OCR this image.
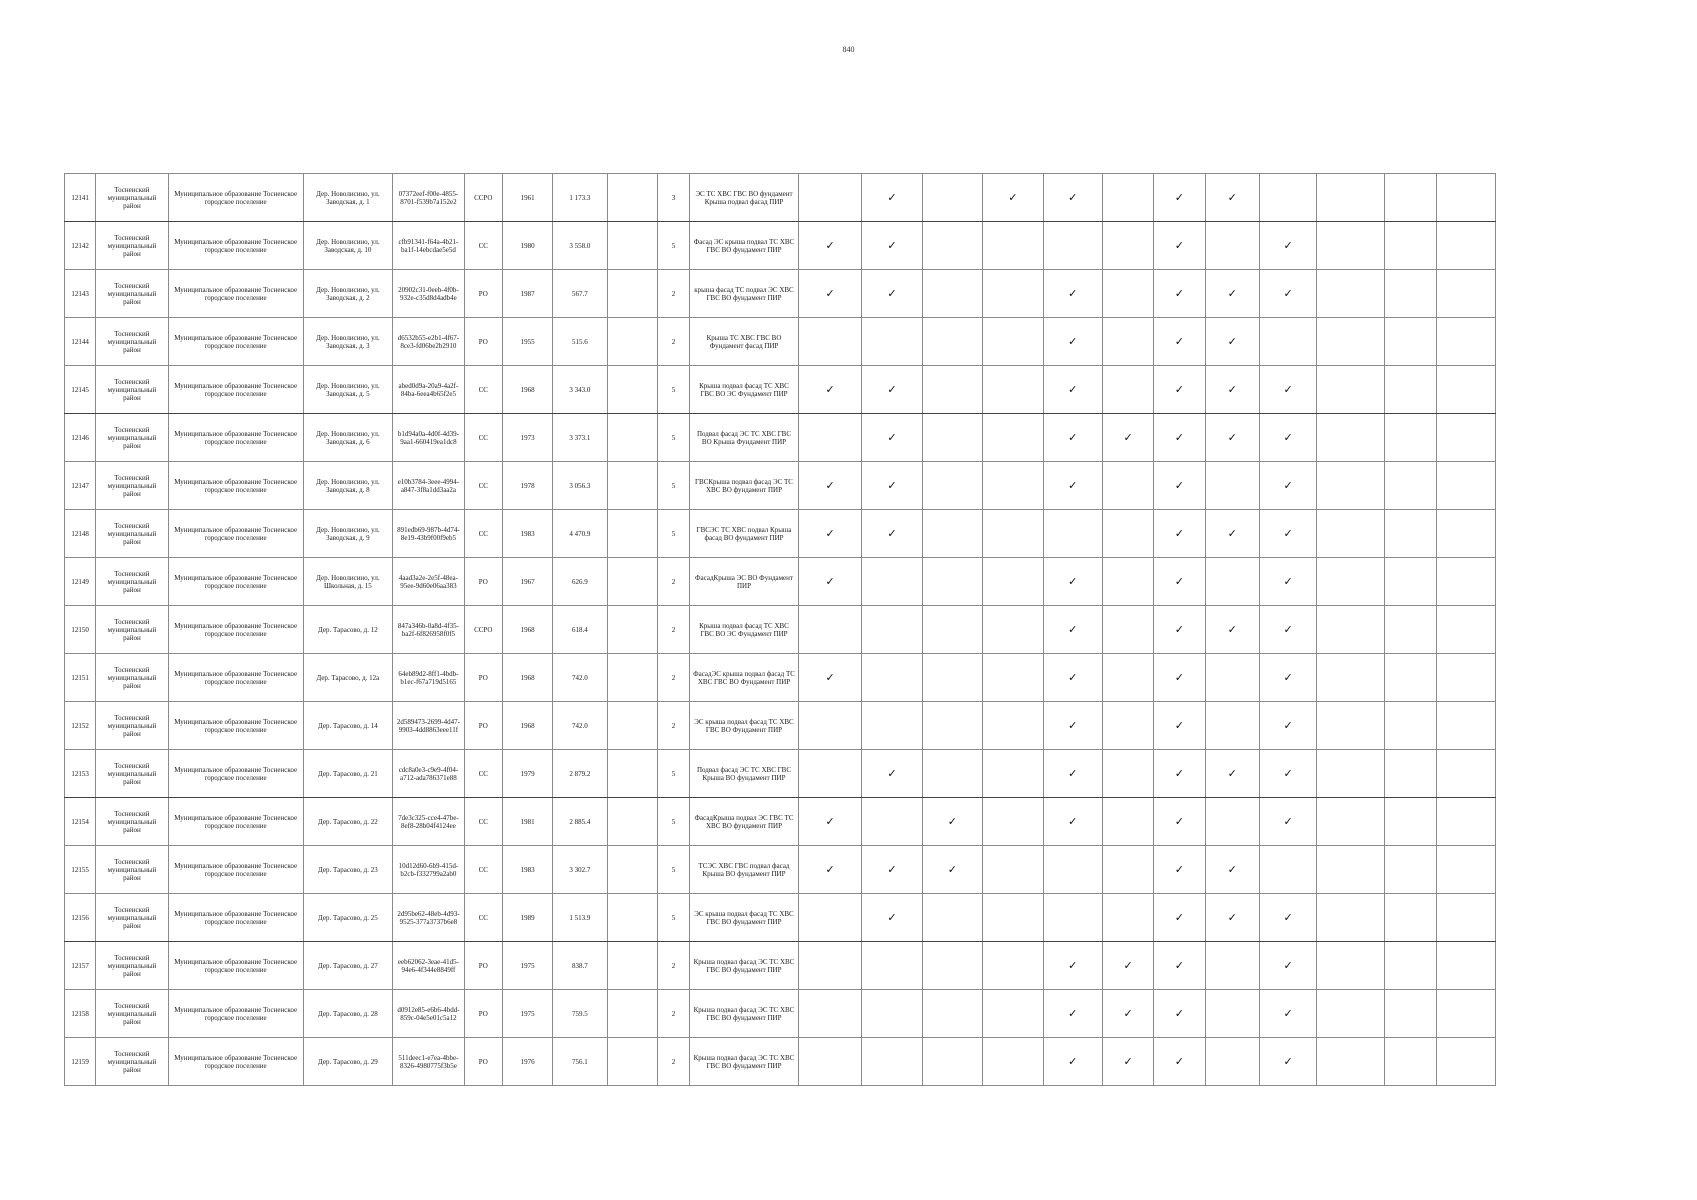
840
12141	Тосненский муниципальный район	Муниципальное образование Тосненское городское поселение	Дер. Новолисино, ул. Заводская, д. 1	07372eef-f00e-4855-8701-f539b7a152e2	ССРО	1961	1 173.3		3	ЭС ТС ХВС ГВС ВО фундамент Крыша подвал фасад ПИР		✓		✓	✓		✓	✓				
12142	Тосненский муниципальный район	Муниципальное образование Тосненское городское поселение	Дер. Новолисино, ул. Заводская, д. 10	cfb91341-f64a-4b21-ba1f-14ebcdae5e5d	СС	1980	3 558.0		5	Фасад ЭС крыша подвал ТС ХВС ГВС ВО фундамент ПИР	✓	✓					✓		✓			
12143	Тосненский муниципальный район	Муниципальное образование Тосненское городское поселение	Дер. Новолисино, ул. Заводская, д. 2	20902c31-0eeb-4f0b-932e-c35d8d4adb4e	РО	1987	567.7		2	крыша фасад ТС подвал ЭС ХВС ГВС ВО фундамент ПИР	✓	✓			✓		✓	✓	✓			
12144	Тосненский муниципальный район	Муниципальное образование Тосненское городское поселение	Дер. Новолисино, ул. Заводская, д. 3	d6532b55-e2b1-4f67-8ce3-fd06be2b2910	РО	1955	515.6		2	Крыша ТС ХВС ГВС ВО Фундамент фасад ПИР					✓		✓	✓				
12145	Тосненский муниципальный район	Муниципальное образование Тосненское городское поселение	Дер. Новолисино, ул. Заводская, д. 5	abed0d9a-20a9-4a2f-84ba-6eea4b65f2e5	СС	1968	3 343.0		5	Крыша подвал фасад ТС ХВС ГВС ВО ЭС Фундамент ПИР	✓	✓			✓		✓	✓	✓			
12146	Тосненский муниципальный район	Муниципальное образование Тосненское городское поселение	Дер. Новолисино, ул. Заводская, д. 6	b1d94a0a-4d0f-4d39-9aa1-660419ea1dc8	СС	1973	3 373.1		5	Подвал фасад ЭС ТС ХВС ГВС ВО Крыша Фундамент ПИР		✓			✓	✓	✓	✓	✓			
12147	Тосненский муниципальный район	Муниципальное образование Тосненское городское поселение	Дер. Новолисино, ул. Заводская, д. 8	e10b3784-3eee-4994-a847-3f8a1dd3aa2a	СС	1978	3 056.3		5	ГВСКрыша подвал фасад ЭС ТС ХВС ВО фундамент ПИР	✓	✓			✓		✓		✓			
12148	Тосненский муниципальный район	Муниципальное образование Тосненское городское поселение	Дер. Новолисино, ул. Заводская, д. 9	891edb69-987b-4d74-8e19-43b9f00f9eb5	СС	1983	4 470.9		5	ГВСЭС ТС ХВС подвал Крыша фасад ВО фундамент ПИР	✓	✓					✓	✓	✓			
12149	Тосненский муниципальный район	Муниципальное образование Тосненское городское поселение	Дер. Новолисино, ул. Школьная, д. 15	4aad3a2e-2e5f-48ea-95ee-9d60e06aa383	РО	1967	626.9		2	ФасадКрыша ЭС ВО Фундамент ПИР	✓				✓		✓		✓			
12150	Тосненский муниципальный район	Муниципальное образование Тосненское городское поселение	Дер. Тарасово, д. 12	847a346b-0a8d-4f35-ba2f-6f826958f0f5	ССРО	1968	618.4		2	Крыша подвал фасад ТС ХВС ГВС ВО ЭС Фундамент ПИР					✓		✓	✓	✓			
12151	Тосненский муниципальный район	Муниципальное образование Тосненское городское поселение	Дер. Тарасово, д. 12а	64eb89d2-8ff1-4bdb-b1ec-f67a719d5165	РО	1968	742.0		2	ФасадЭС крыша подвал фасад ТС ХВС ГВС ВО Фундамент ПИР	✓				✓		✓		✓			
12152	Тосненский муниципальный район	Муниципальное образование Тосненское городское поселение	Дер. Тарасово, д. 14	2d589473-2699-4d47-9903-4dd8863eee11f	РО	1968	742.0		2	ЭС крыша подвал фасад ТС ХВС ГВС ВО Фундамент ПИР					✓		✓		✓			
12153	Тосненский муниципальный район	Муниципальное образование Тосненское городское поселение	Дер. Тарасово, д. 21	cdc8a0e3-c9e9-4f04-a712-ada786371e88	СС	1979	2 879.2		5	Подвал фасад ЭС ТС ХВС ГВС Крыша ВО фундамент ПИР		✓			✓		✓	✓	✓			
12154	Тосненский муниципальный район	Муниципальное образование Тосненское городское поселение	Дер. Тарасово, д. 22	7de3c325-cce4-47be-8ef8-28b04f4124ee	СС	1981	2 885.4		5	ФасадКрыша подвал ЭС ГВС ТС ХВС ВО фундамент ПИР	✓		✓		✓		✓		✓			
12155	Тосненский муниципальный район	Муниципальное образование Тосненское городское поселение	Дер. Тарасово, д. 23	10d12d60-6b9-415d-b2cb-f332799a2ab0	СС	1983	3 302.7		5	ТСЭС ХВС ГВС подвал фасад Крыша ВО фундамент ПИР	✓	✓	✓				✓	✓				
12156	Тосненский муниципальный район	Муниципальное образование Тосненское городское поселение	Дер. Тарасово, д. 25	2d95be62-48eb-4d93-9525-377a3737b6e8	СС	1989	1 513.9		5	ЭС крыша подвал фасад ТС ХВС ГВС ВО фундамент ПИР		✓					✓	✓	✓			
12157	Тосненский муниципальный район	Муниципальное образование Тосненское городское поселение	Дер. Тарасово, д. 27	eeb62062-3eae-41d5-94e6-4f344e8849ff	РО	1975	838.7		2	Крыша подвал фасад ЭС ТС ХВС ГВС ВО фундамент ПИР					✓	✓	✓		✓			
12158	Тосненский муниципальный район	Муниципальное образование Тосненское городское поселение	Дер. Тарасово, д. 28	d0912e85-e6b6-4bdd-859c-04e5e01c5a12	РО	1975	759.5		2	Крыша подвал фасад ЭС ТС ХВС ГВС ВО фундамент ПИР					✓	✓	✓		✓			
12159	Тосненский муниципальный район	Муниципальное образование Тосненское городское поселение	Дер. Тарасово, д. 29	511deec1-e7ea-4bbe-8326-4980775f3b5e	РО	1976	756.1		2	Крыша подвал фасад ЭС ТС ХВС ГВС ВО фундамент ПИР					✓	✓	✓		✓			
